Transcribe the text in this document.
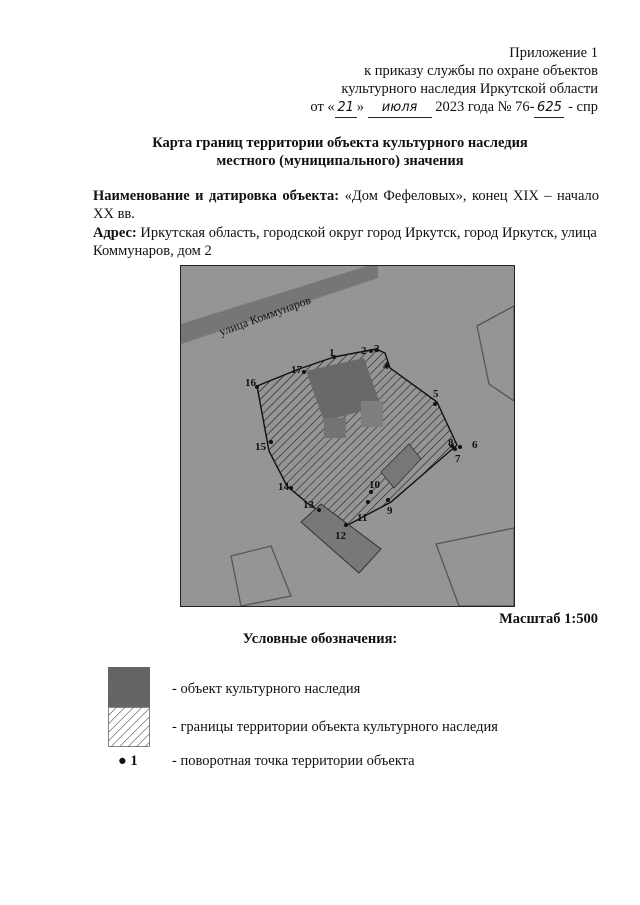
Приложение 1
к приказу службы по охране объектов
культурного наследия Иркутской области
от « 21 » июля 2023 года № 76- 625 - спр
Карта границ территории объекта культурного наследия
местного (муниципального) значения
Наименование и датировка объекта: «Дом Фефеловых», конец XIX – начало XX вв.
Адрес: Иркутская область, городской округ город Иркутск, город Иркутск, улица Коммунаров, дом 2
улица Коммунаров
1 2 3
4
5
6
7
8
9
10
11
12
13
14
15
16
17
Масштаб 1:500
Условные обозначения:
- объект культурного наследия
- границы территории объекта культурного наследия
● 1 - поворотная точка территории объекта
